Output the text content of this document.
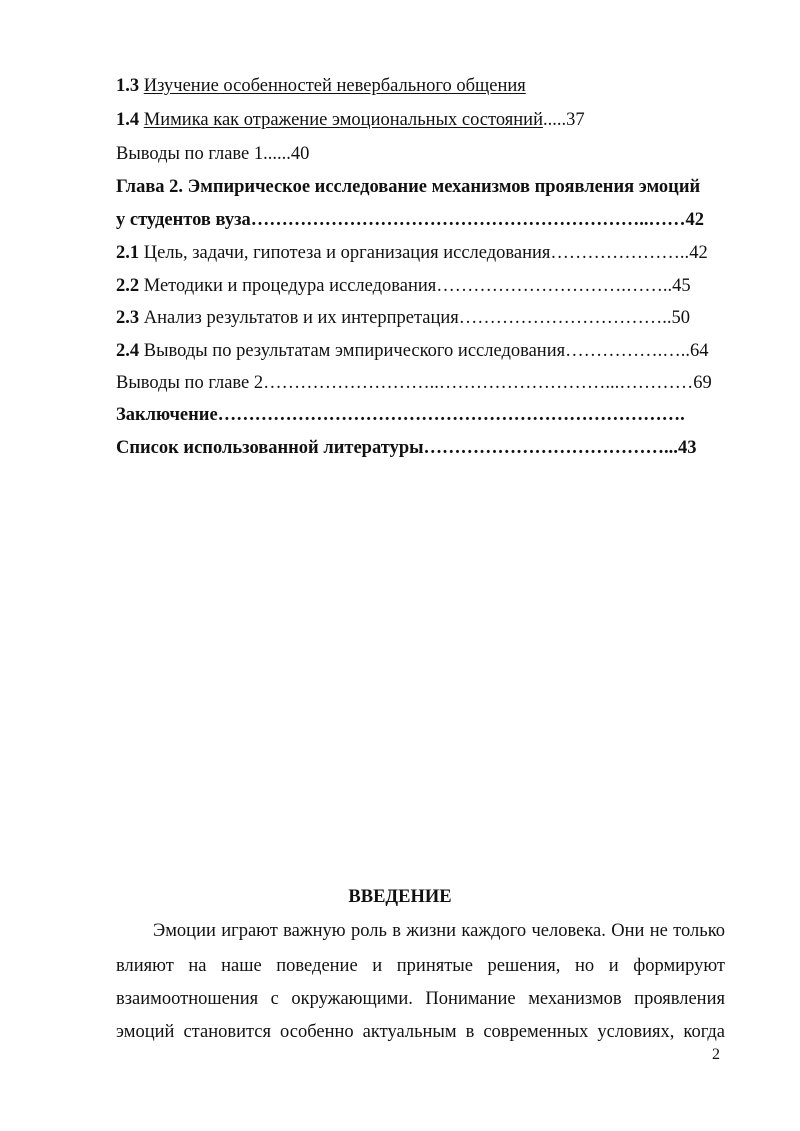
1.3 Изучение особенностей невербального общения
1.4 Мимика как отражение эмоциональных состояний.....37
Выводы по главе 1......40
Глава 2. Эмпирическое исследование механизмов проявления эмоций
у студентов вуза………………………………………………………..……42
2.1 Цель, задачи, гипотеза и организация исследования…………………..42
2.2 Методики и процедура исследования………………………….……..45
2.3 Анализ результатов и их интерпретация……………………………..50
2.4 Выводы по результатам эмпирического исследования…………….…..64
Выводы по главе 2………………………..………………………...…………69
Заключение………………………………………………………………….
Список использованной литературы…………………………………...43
ВВЕДЕНИЕ
Эмоции играют важную роль в жизни каждого человека. Они не только
влияют на наше поведение и принятые решения, но и формируют
взаимоотношения с окружающими. Понимание механизмов проявления
эмоций становится особенно актуальным в современных условиях, когда
2
